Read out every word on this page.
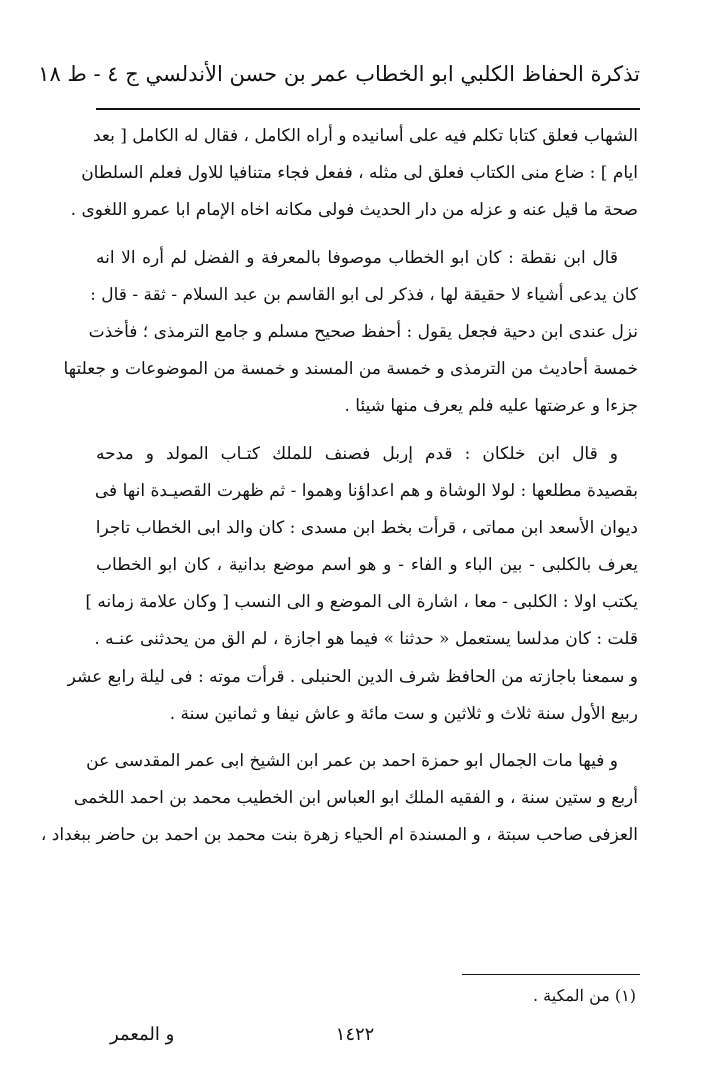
تذكرة الحفاظ الكلبي ابو الخطاب عمر بن حسن الأندلسي ج ٤ - ط ١٨
الشهاب فعلق كتابا تكلم فيه على أسانيده و أراه الكامل ، فقال له الكامل [ بعد
ايام ] : ضاع منى الكتاب فعلق لى مثله ، ففعل فجاء متنافيا للاول فعلم السلطان
صحة ما قيل عنه و عزله من دار الحديث فولى مكانه اخاه الإمام ابا عمرو اللغوى .
قال ابن نقطة : كان ابو الخطاب موصوفا بالمعرفة و الفضل لم أره الا انه
كان يدعى أشياء لا حقيقة لها ، فذكر لى ابو القاسم بن عبد السلام - ثقة - قال :
نزل عندى ابن دحية فجعل يقول : أحفظ صحيح مسلم و جامع الترمذى ؛ فأخذت
خمسة أحاديث من الترمذى و خمسة من المسند و خمسة من الموضوعات و جعلتها
جزءا و عرضتها عليه فلم يعرف منها شيئا .
و قال ابن خلكان : قدم إربل فصنف للملك كتـاب المولد و مدحه
بقصيدة مطلعها : لولا الوشاة و هم اعداؤنا وهموا - ثم ظهرت القصيـدة انها فى
ديوان الأسعد ابن مماتى ، قرأت بخط ابن مسدى : كان والد ابى الخطاب تاجرا
يعرف بالكلبى - بين الباء و الفاء - و هو اسم موضع بدانية ، كان ابو الخطاب
يكتب اولا : الكلبى - معا ، اشارة الى الموضع و الى النسب [ وكان علامة زمانه ]
قلت : كان مدلسا يستعمل « حدثنا » فيما هو اجازة ، لم الق من يحدثنى عنـه .
و سمعنا باجازته من الحافظ شرف الدين الحنبلى . قرأت موته : فى ليلة رابع عشر
ربيع الأول سنة ثلاث و ثلاثين و ست مائة و عاش نيفا و ثمانين سنة .
و فيها مات الجمال ابو حمزة احمد بن عمر ابن الشيخ ابى عمر المقدسى عن
أربع و ستين سنة ، و الفقيه الملك ابو العباس ابن الخطيب محمد بن احمد اللخمى
العزفى صاحب سبتة ، و المسندة ام الحياء زهرة بنت محمد بن احمد بن حاضر ببغداد ،
(١) من المكية .
١٤٢٢
و المعمر
